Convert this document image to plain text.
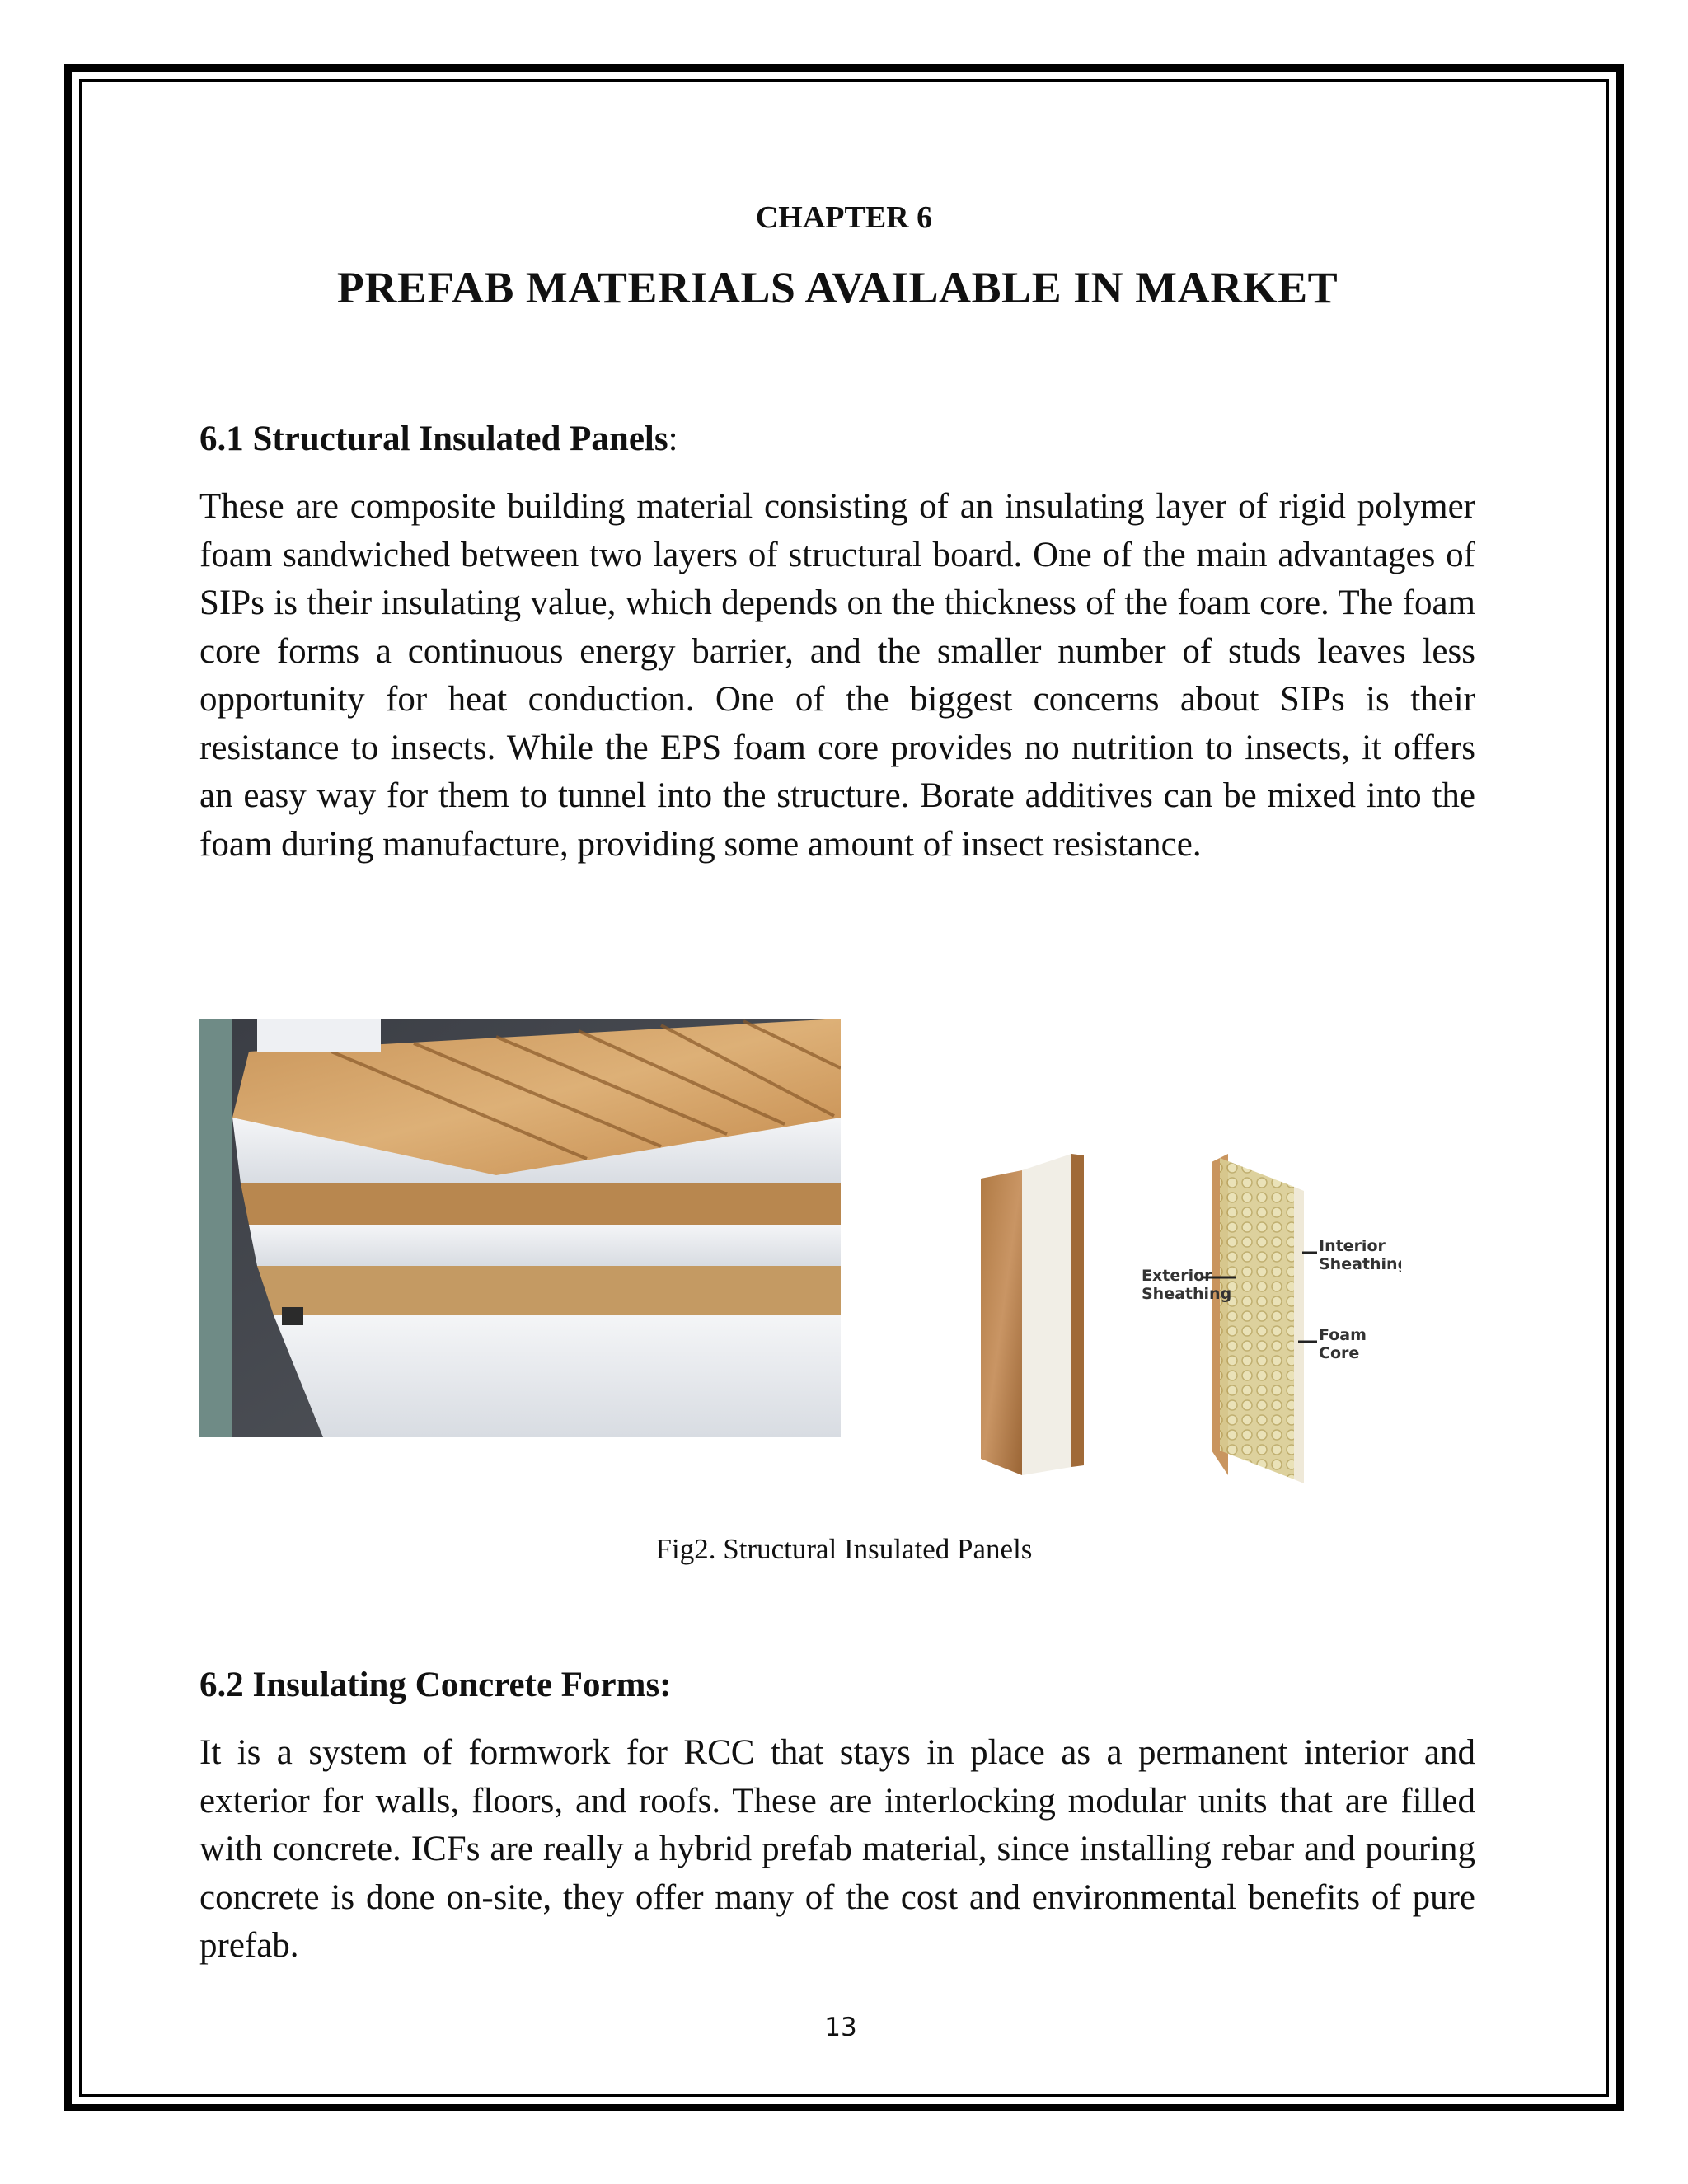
CHAPTER 6
PREFAB MATERIALS AVAILABLE IN MARKET
6.1 Structural Insulated Panels:

These are composite building material consisting of an insulating layer of rigid polymer foam sandwiched between two layers of structural board. One of the main advantages of SIPs is their insulating value, which depends on the thickness of the foam core. The foam core forms a continuous energy barrier, and the smaller number of studs leaves less opportunity for heat conduction. One of the biggest concerns about SIPs is their resistance to insects. While the EPS foam core provides no nutrition to insects, it offers an easy way for them to tunnel into the structure. Borate additives can be mixed into the foam during manufacture, providing some amount of insect resistance.

Exterior
Sheathing
Interior
Sheathing
Foam
Core
Fig2. Structural Insulated Panels
6.2 Insulating Concrete Forms:

It is a system of formwork for RCC that stays in place as a permanent interior and exterior for walls, floors, and roofs. These are interlocking modular units that are filled with concrete. ICFs are really a hybrid prefab material, since installing rebar and pouring concrete is done on-site, they offer many of the cost and environmental benefits of pure prefab.

13
